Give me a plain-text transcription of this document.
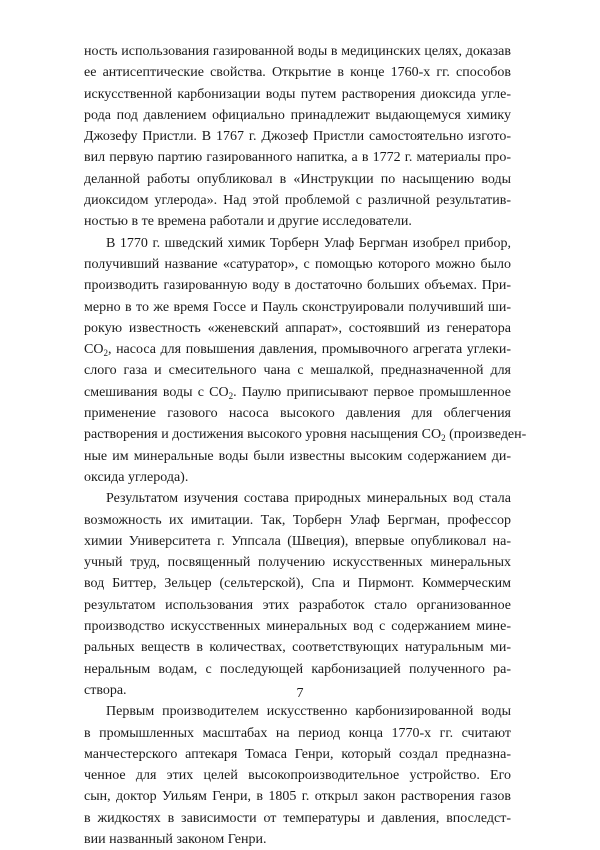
ность использования газированной воды в медицинских целях, доказав
ее антисептические свойства. Открытие в конце 1760-х гг. способов
искусственной карбонизации воды путем растворения диоксида угле-
рода под давлением официально принадлежит выдающемуся химику
Джозефу Пристли. В 1767 г. Джозеф Пристли самостоятельно изгото-
вил первую партию газированного напитка, а в 1772 г. материалы про-
деланной работы опубликовал в «Инструкции по насыщению воды
диоксидом углерода». Над этой проблемой с различной результатив-
ностью в те времена работали и другие исследователи.
В 1770 г. шведский химик Торберн Улаф Бергман изобрел прибор,
получивший название «сатуратор», с помощью которого можно было
производить газированную воду в достаточно больших объемах. При-
мерно в то же время Госсе и Пауль сконструировали получивший ши-
рокую известность «женевский аппарат», состоявший из генератора
$CO_2$, насоса для повышения давления, промывочного агрегата углеки-
слого газа и смесительного чана с мешалкой, предназначенной для
смешивания воды с $CO_2$. Паулю приписывают первое промышленное
применение газового насоса высокого давления для облегчения
растворения и достижения высокого уровня насыщения $CO_2$ (произведен-
ные им минеральные воды были известны высоким содержанием ди-
оксида углерода).
Результатом изучения состава природных минеральных вод стала
возможность их имитации. Так, Торберн Улаф Бергман, профессор
химии Университета г. Уппсала (Швеция), впервые опубликовал на-
учный труд, посвященный получению искусственных минеральных
вод Биттер, Зельцер (сельтерской), Спа и Пирмонт. Коммерческим
результатом использования этих разработок стало организованное
производство искусственных минеральных вод с содержанием мине-
ральных веществ в количествах, соответствующих натуральным ми-
неральным водам, с последующей карбонизацией полученного ра-
створа.
Первым производителем искусственно карбонизированной воды
в промышленных масштабах на период конца 1770-х гг. считают
манчестерского аптекаря Томаса Генри, который создал предназна-
ченное для этих целей высокопроизводительное устройство. Его
сын, доктор Уильям Генри, в 1805 г. открыл закон растворения газов
в жидкостях в зависимости от температуры и давления, впоследст-
вии названный законом Генри.
7
